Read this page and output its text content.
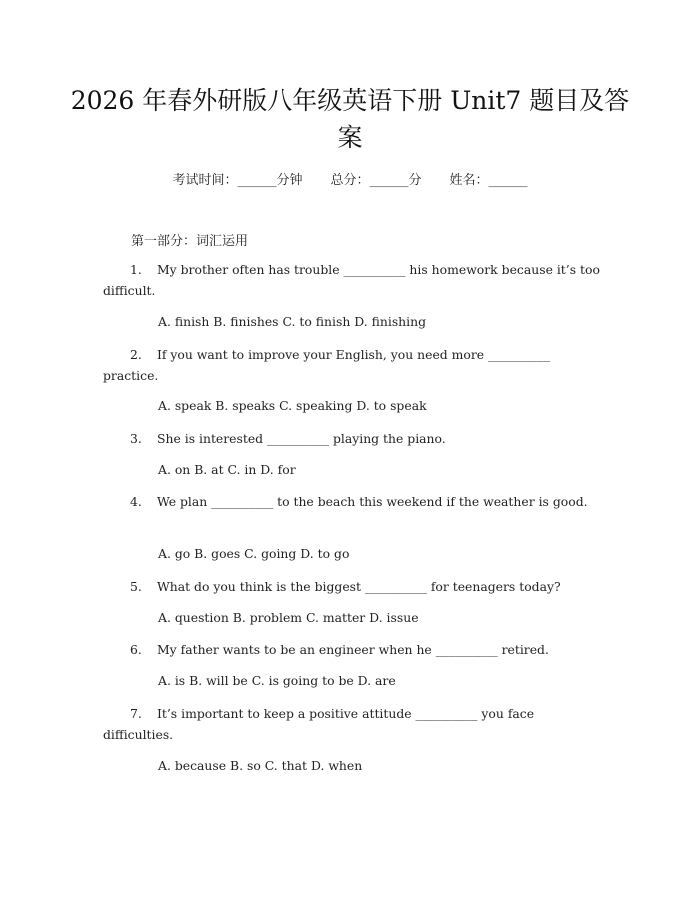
2026 年春外研版八年级英语下册 Unit7 题目及答案
考试时间：______分钟 总分：______分 姓名：______
第一部分：词汇运用
1. My brother often has trouble __________ his homework because it’s too difficult.
A. finish B. finishes C. to finish D. finishing
2. If you want to improve your English, you need more __________ practice.
A. speak B. speaks C. speaking D. to speak
3. She is interested __________ playing the piano.
A. on B. at C. in D. for
4. We plan __________ to the beach this weekend if the weather is good.
A. go B. goes C. going D. to go
5. What do you think is the biggest __________ for teenagers today?
A. question B. problem C. matter D. issue
6. My father wants to be an engineer when he __________ retired.
A. is B. will be C. is going to be D. are
7. It’s important to keep a positive attitude __________ you face difficulties.
A. because B. so C. that D. when
